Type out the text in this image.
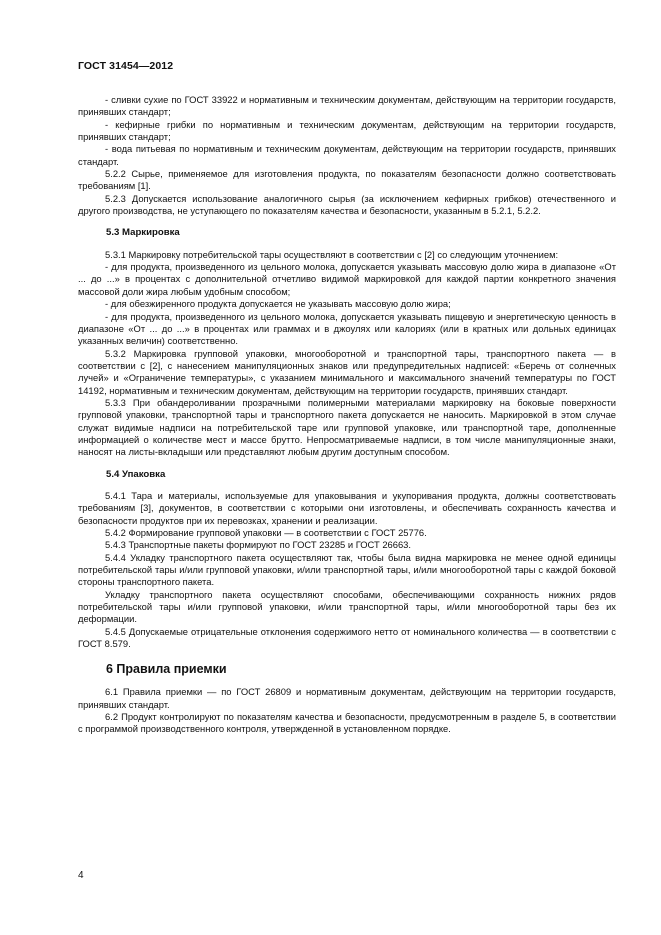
ГОСТ 31454—2012

- сливки сухие по ГОСТ 33922 и нормативным и техническим документам, действующим на территории государств, принявших стандарт;

- кефирные грибки по нормативным и техническим документам, действующим на территории государств, принявших стандарт;

- вода питьевая по нормативным и техническим документам, действующим на территории государств, принявших стандарт.

5.2.2 Сырье, применяемое для изготовления продукта, по показателям безопасности должно соответствовать требованиям [1].

5.2.3 Допускается использование аналогичного сырья (за исключением кефирных грибков) отечественного и другого производства, не уступающего по показателям качества и безопасности, указанным в 5.2.1, 5.2.2.

5.3 Маркировка

5.3.1 Маркировку потребительской тары осуществляют в соответствии с [2] со следующим уточнением:

- для продукта, произведенного из цельного молока, допускается указывать массовую долю жира в диапазоне «От ... до ...» в процентах с дополнительной отчетливо видимой маркировкой для каждой партии конкретного значения массовой доли жира любым удобным способом;

- для обезжиренного продукта допускается не указывать массовую долю жира;

- для продукта, произведенного из цельного молока, допускается указывать пищевую и энергетическую ценность в диапазоне «От ... до ...» в процентах или граммах и в джоулях или калориях (или в кратных или дольных единицах указанных величин) соответственно.

5.3.2 Маркировка групповой упаковки, многооборотной и транспортной тары, транспортного пакета — в соответствии с [2], с нанесением манипуляционных знаков или предупредительных надписей: «Беречь от солнечных лучей» и «Ограничение температуры», с указанием минимального и максимального значений температуры по ГОСТ 14192, нормативным и техническим документам, действующим на территории государств, принявших стандарт.

5.3.3 При обандероливании прозрачными полимерными материалами маркировку на боковые поверхности групповой упаковки, транспортной тары и транспортного пакета допускается не наносить. Маркировкой в этом случае служат видимые надписи на потребительской таре или групповой упаковке, или транспортной таре, дополненные информацией о количестве мест и массе брутто. Непросматриваемые надписи, в том числе манипуляционные знаки, наносят на листы-вкладыши или представляют любым другим доступным способом.

5.4 Упаковка

5.4.1 Тара и материалы, используемые для упаковывания и укупоривания продукта, должны соответствовать требованиям [3], документов, в соответствии с которыми они изготовлены, и обеспечивать сохранность качества и безопасности продуктов при их перевозках, хранении и реализации.

5.4.2 Формирование групповой упаковки — в соответствии с ГОСТ 25776.

5.4.3 Транспортные пакеты формируют по ГОСТ 23285 и ГОСТ 26663.

5.4.4 Укладку транспортного пакета осуществляют так, чтобы была видна маркировка не менее одной единицы потребительской тары и/или групповой упаковки, и/или транспортной тары, и/или многооборотной тары с каждой боковой стороны транспортного пакета.

Укладку транспортного пакета осуществляют способами, обеспечивающими сохранность нижних рядов потребительской тары и/или групповой упаковки, и/или транспортной тары, и/или многооборотной тары без их деформации.

5.4.5 Допускаемые отрицательные отклонения содержимого нетто от номинального количества — в соответствии с ГОСТ 8.579.

6 Правила приемки

6.1 Правила приемки — по ГОСТ 26809 и нормативным документам, действующим на территории государств, принявших стандарт.

6.2 Продукт контролируют по показателям качества и безопасности, предусмотренным в разделе 5, в соответствии с программой производственного контроля, утвержденной в установленном порядке.

4
